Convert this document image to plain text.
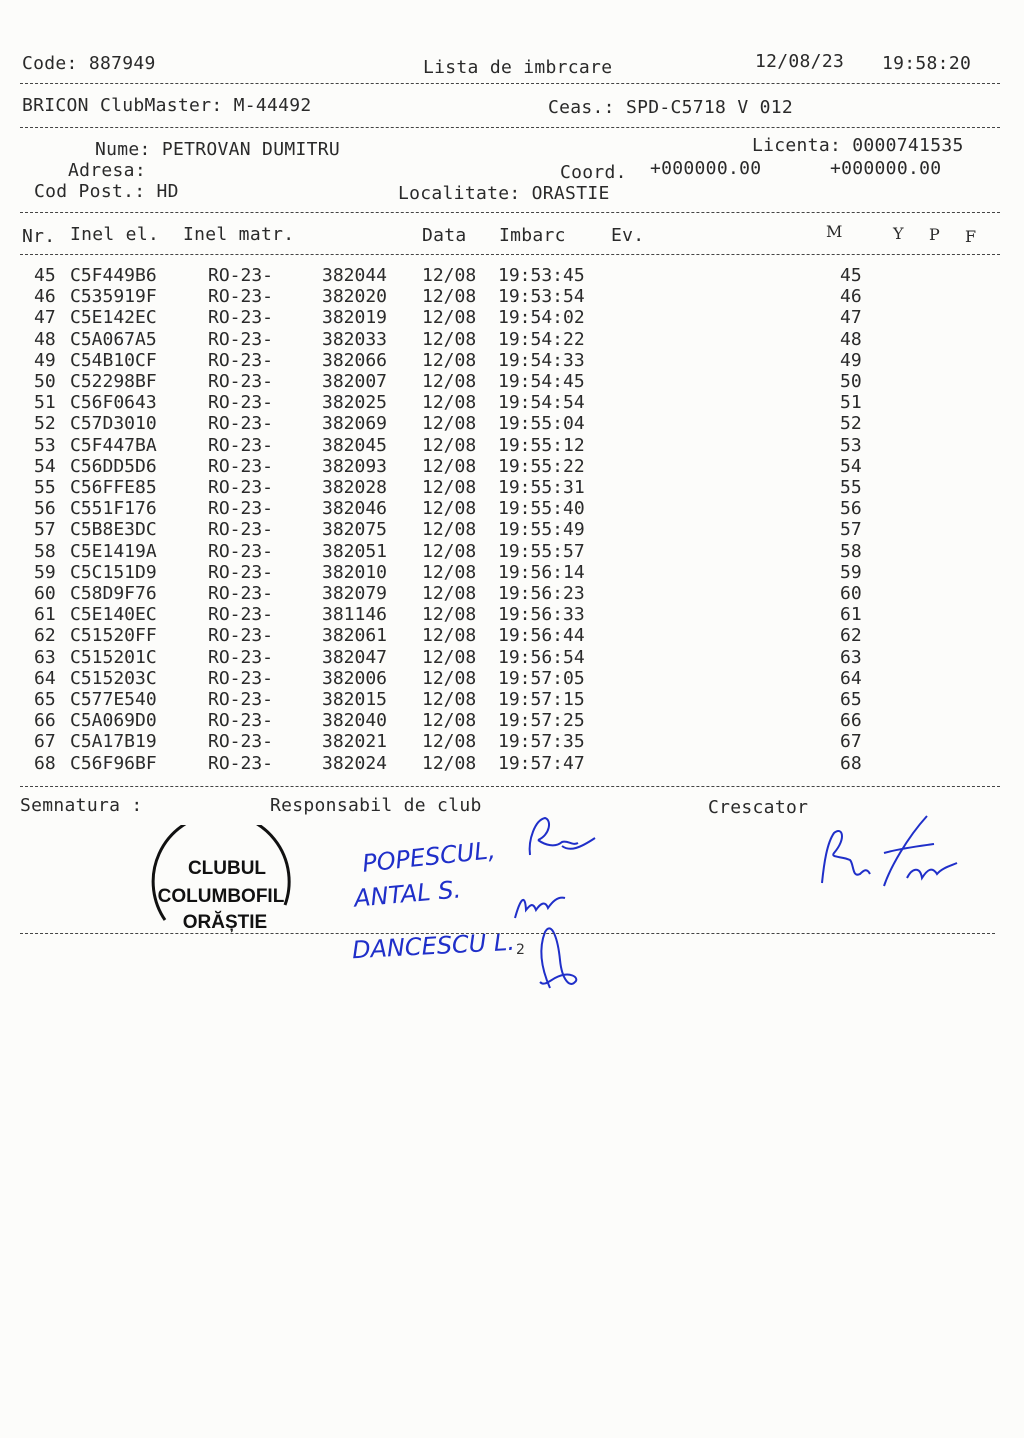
Code: 887949	Lista de imbrcare	12/08/23 19:58:20
BRICON ClubMaster: M-44492	Ceas.: SPD-C5718 V 012
Nume: PETROVAN DUMITRU	Licenta: 0000741535
Adresa:	Coord. +000000.00	+000000.00
Cod Post.: HD	Localitate: ORASTIE
Nr. Inel el. Inel matr.	Data Imbarc	Ev.	M	Y P F
45 C5F449B6	RO-23-	382044 12/08 19:53:45	45
46 C535919F	RO-23-	382020 12/08 19:53:54	46
47 C5E142EC	RO-23-	382019 12/08 19:54:02	47
48 C5A067A5	RO-23-	382033 12/08 19:54:22	48
49 C54B10CF	RO-23-	382066 12/08 19:54:33	49
50 C52298BF	RO-23-	382007 12/08 19:54:45	50
51 C56F0643	RO-23-	382025 12/08 19:54:54	51
52 C57D3010	RO-23-	382069 12/08 19:55:04	52
53 C5F447BA	RO-23-	382045 12/08 19:55:12	53
54 C56DD5D6	RO-23-	382093 12/08 19:55:22	54
55 C56FFE85	RO-23-	382028 12/08 19:55:31	55
56 C551F176	RO-23-	382046 12/08 19:55:40	56
57 C5B8E3DC	RO-23-	382075 12/08 19:55:49	57
58 C5E1419A	RO-23-	382051 12/08 19:55:57	58
59 C5C151D9	RO-23-	382010 12/08 19:56:14	59
60 C58D9F76	RO-23-	382079 12/08 19:56:23	60
61 C5E140EC	RO-23-	381146 12/08 19:56:33	61
62 C51520FF	RO-23-	382061 12/08 19:56:44	62
63 C515201C	RO-23-	382047 12/08 19:56:54	63
64 C515203C	RO-23-	382006 12/08 19:57:05	64
65 C577E540	RO-23-	382015 12/08 19:57:15	65
66 C5A069D0	RO-23-	382040 12/08 19:57:25	66
67 C5A17B19	RO-23-	382021 12/08 19:57:35	67
68 C56F96BF	RO-23-	382024 12/08 19:57:47	68
Semnatura :	Responsabil de club	Crescator
CLUBUL
COLUMBOFIL
ORĂȘTIE
POPESCUL,
ANTAL S.
DANCESCU L. 2
